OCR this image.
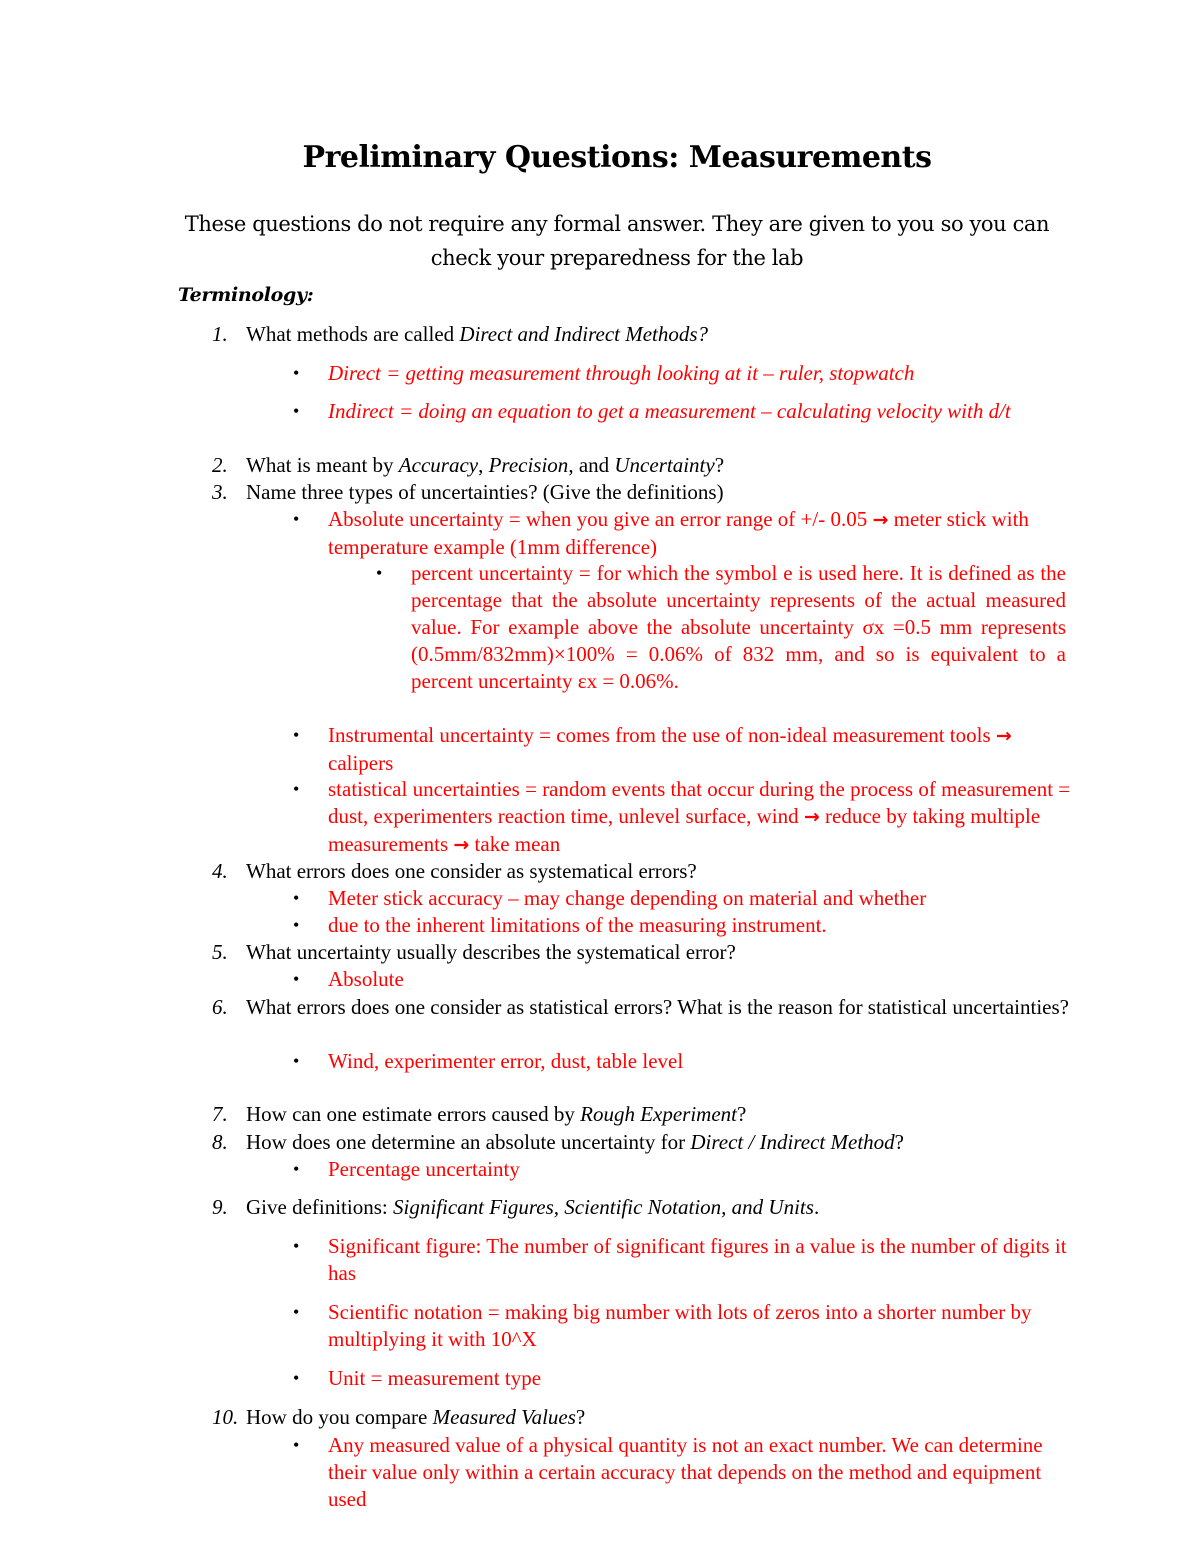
Preliminary Questions: Measurements
These questions do not require any formal answer. They are given to you so you can check your preparedness for the lab
Terminology:
1. What methods are called Direct and Indirect Methods?
• Direct = getting measurement through looking at it – ruler, stopwatch
• Indirect = doing an equation to get a measurement – calculating velocity with d/t
2. What is meant by Accuracy, Precision, and Uncertainty?
3. Name three types of uncertainties? (Give the definitions)
• Absolute uncertainty = when you give an error range of +/- 0.05 → meter stick with temperature example (1mm difference)
• percent uncertainty = for which the symbol e is used here. It is defined as the percentage that the absolute uncertainty represents of the actual measured value. For example above the absolute uncertainty σx =0.5 mm represents (0.5mm/832mm)×100% = 0.06% of 832 mm, and so is equivalent to a percent uncertainty εx = 0.06%.
• Instrumental uncertainty = comes from the use of non-ideal measurement tools → calipers
• statistical uncertainties = random events that occur during the process of measurement = dust, experimenters reaction time, unlevel surface, wind → reduce by taking multiple measurements → take mean
4. What errors does one consider as systematical errors?
• Meter stick accuracy – may change depending on material and whether
• due to the inherent limitations of the measuring instrument.
5. What uncertainty usually describes the systematical error?
• Absolute
6. What errors does one consider as statistical errors? What is the reason for statistical uncertainties?
• Wind, experimenter error, dust, table level
7. How can one estimate errors caused by Rough Experiment?
8. How does one determine an absolute uncertainty for Direct / Indirect Method?
• Percentage uncertainty
9. Give definitions: Significant Figures, Scientific Notation, and Units.
• Significant figure: The number of significant figures in a value is the number of digits it has
• Scientific notation = making big number with lots of zeros into a shorter number by multiplying it with 10^X
• Unit = measurement type
10. How do you compare Measured Values?
• Any measured value of a physical quantity is not an exact number. We can determine their value only within a certain accuracy that depends on the method and equipment used
